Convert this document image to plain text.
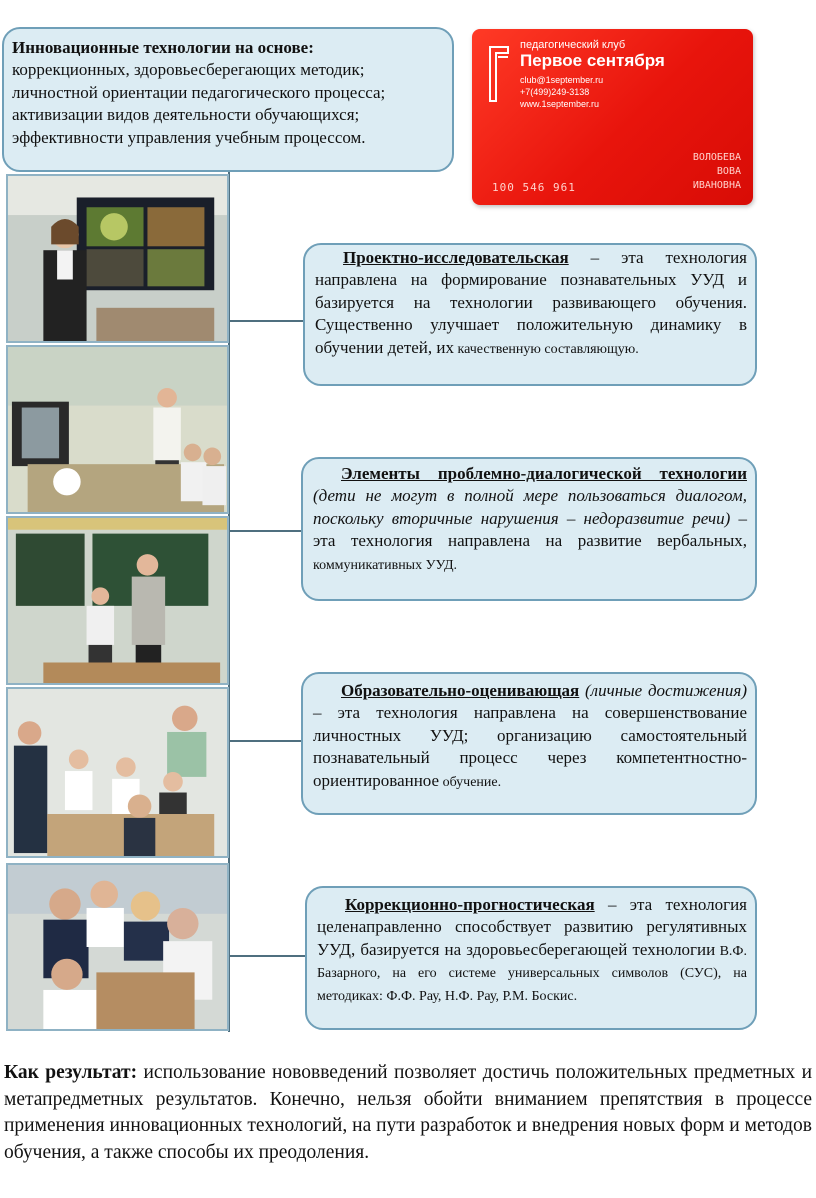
Инновационные технологии на основе:
коррекционных, здоровьесберегающих методик;
личностной ориентации педагогического процесса;
активизации видов деятельности обучающихся;
эффективности управления учебным процессом.
педагогический клуб
Первое сентября
club@1september.ru
+7(499)249-3138
www.1september.ru
ВОЛОБЕВА
ВОВА
ИВАНОВНА
100 546 961
Проектно-исследовательская – эта технология направлена на формирование познавательных УУД и базируется на технологии развивающего обучения. Существенно улучшает положительную динамику в обучении детей, их качественную составляющую.
Элементы проблемно-диалогической технологии (дети не могут в полной мере пользоваться диалогом, поскольку вторичные нарушения – недоразвитие речи) – эта технология направлена на развитие вербальных, коммуникативных УУД.
Образовательно-оценивающая (личные достижения) – эта технология направлена на совершенствование личностных УУД; организацию самостоятельный познавательный процесс через компетентностно-ориентированное обучение.
Коррекционно-прогностическая – эта технология целенаправленно способствует развитию регулятивных УУД, базируется на здоровьесберегающей технологии В.Ф. Базарного, на его системе универсальных символов (СУС), на методиках: Ф.Ф. Рау, Н.Ф. Рау, Р.М. Боскис.
Как результат: использование нововведений позволяет достичь положительных предметных и метапредметных результатов. Конечно, нельзя обойти вниманием препятствия в процессе применения инновационных технологий, на пути разработок и внедрения новых форм и методов обучения, а также способы их преодоления.
